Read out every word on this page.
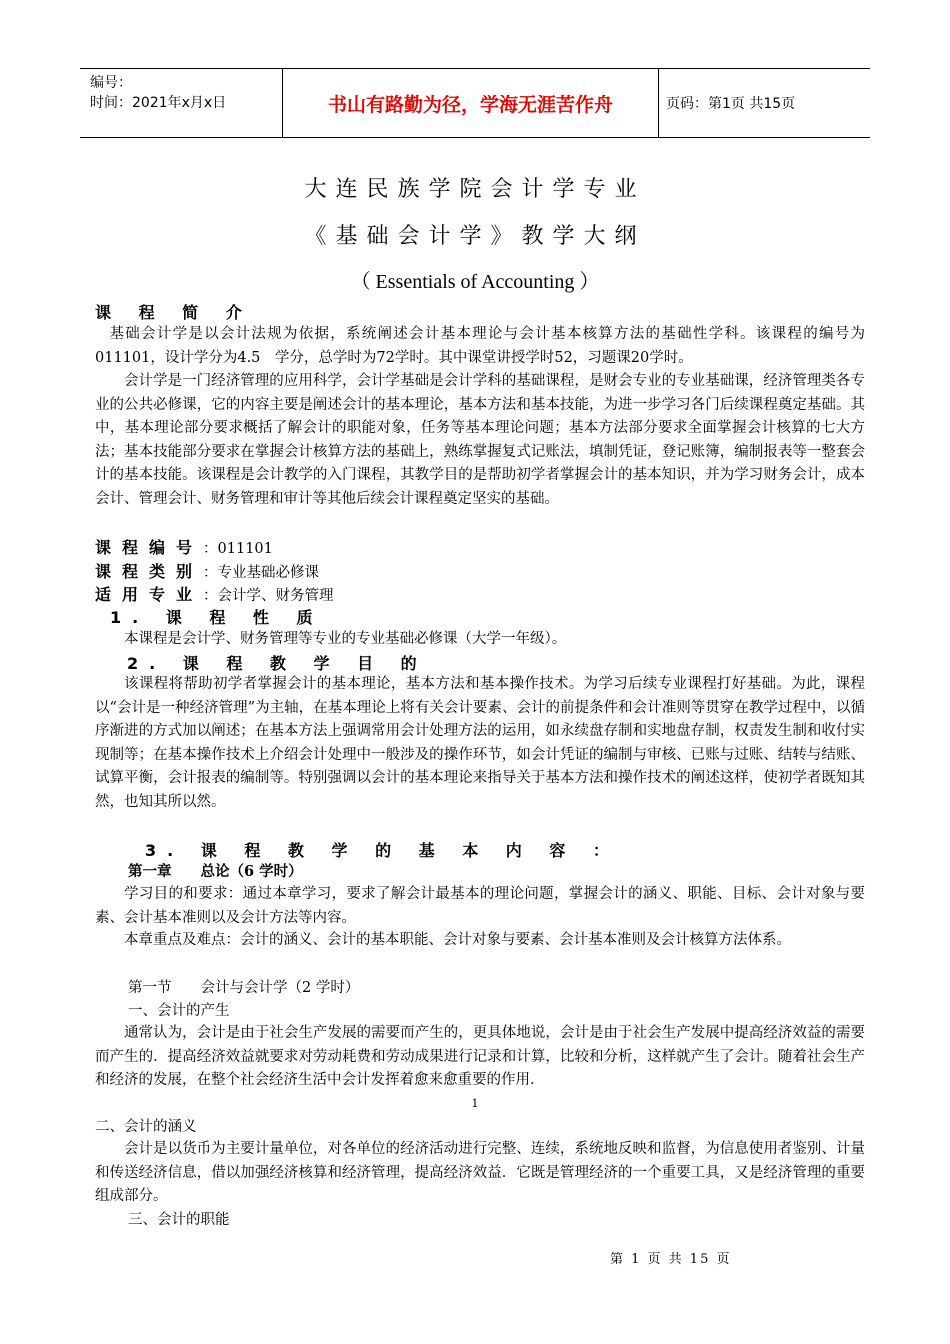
编号：
时间：2021年x月x日	书山有路勤为径，学海无涯苦作舟	页码：第1页 共15页
大连民族学院会计学专业
《基础会计学》教学大纲
（ Essentials of Accounting ）
课 程 简 介

基础会计学是以会计法规为依据，系统阐述会计基本理论与会计基本核算方法的基础性学科。该课程的编号为011101，设计学分为4.5　学分，总学时为72学时。其中课堂讲授学时52，习题课20学时。

会计学是一门经济管理的应用科学，会计学基础是会计学科的基础课程，是财会专业的专业基础课，经济管理类各专业的公共必修课，它的内容主要是阐述会计的基本理论，基本方法和基本技能，为进一步学习各门后续课程奠定基础。其中，基本理论部分要求概括了解会计的职能对象，任务等基本理论问题；基本方法部分要求全面掌握会计核算的七大方法；基本技能部分要求在掌握会计核算方法的基础上，熟练掌握复式记账法，填制凭证，登记账簿，编制报表等一整套会计的基本技能。该课程是会计教学的入门课程，其教学目的是帮助初学者掌握会计的基本知识，并为学习财务会计，成本会计、管理会计、财务管理和审计等其他后续会计课程奠定坚实的基础。

课程编号：011101
课程类别：专业基础必修课
适用专业：会计学、财务管理
1. 课 程 性 质

本课程是会计学、财务管理等专业的专业基础必修课（大学一年级）。

2. 课 程 教 学 目 的

该课程将帮助初学者掌握会计的基本理论，基本方法和基本操作技术。为学习后续专业课程打好基础。为此，课程以“会计是一种经济管理”为主轴，在基本理论上将有关会计要素、会计的前提条件和会计准则等贯穿在教学过程中，以循序渐进的方式加以阐述；在基本方法上强调常用会计处理方法的运用，如永续盘存制和实地盘存制，权责发生制和收付实现制等；在基本操作技术上介绍会计处理中一般涉及的操作环节，如会计凭证的编制与审核、已账与过账、结转与结账、试算平衡，会计报表的编制等。特别强调以会计的基本理论来指导关于基本方法和操作技术的阐述这样，使初学者既知其然，也知其所以然。

3. 课 程 教 学 的 基 本 内 容 ：
第一章　　总论（6 学时）

学习目的和要求：通过本章学习，要求了解会计最基本的理论问题，掌握会计的涵义、职能、目标、会计对象与要素、会计基本准则以及会计方法等内容。

本章重点及难点：会计的涵义、会计的基本职能、会计对象与要素、会计基本准则及会计核算方法体系。

第一节　　会计与会计学（2 学时）
一、会计的产生

通常认为，会计是由于社会生产发展的需要而产生的，更具体地说，会计是由于社会生产发展中提高经济效益的需要而产生的．提高经济效益就要求对劳动耗费和劳动成果进行记录和计算，比较和分析，这样就产生了会计。随着社会生产和经济的发展，在整个社会经济生活中会计发挥着愈来愈重要的作用．

1
二、会计的涵义

会计是以货币为主要计量单位，对各单位的经济活动进行完整、连续，系统地反映和监督，为信息使用者鉴别、计量和传送经济信息，借以加强经济核算和经济管理，提高经济效益．它既是管理经济的一个重要工具，又是经济管理的重要组成部分。

三、会计的职能
第 1 页 共 15 页
